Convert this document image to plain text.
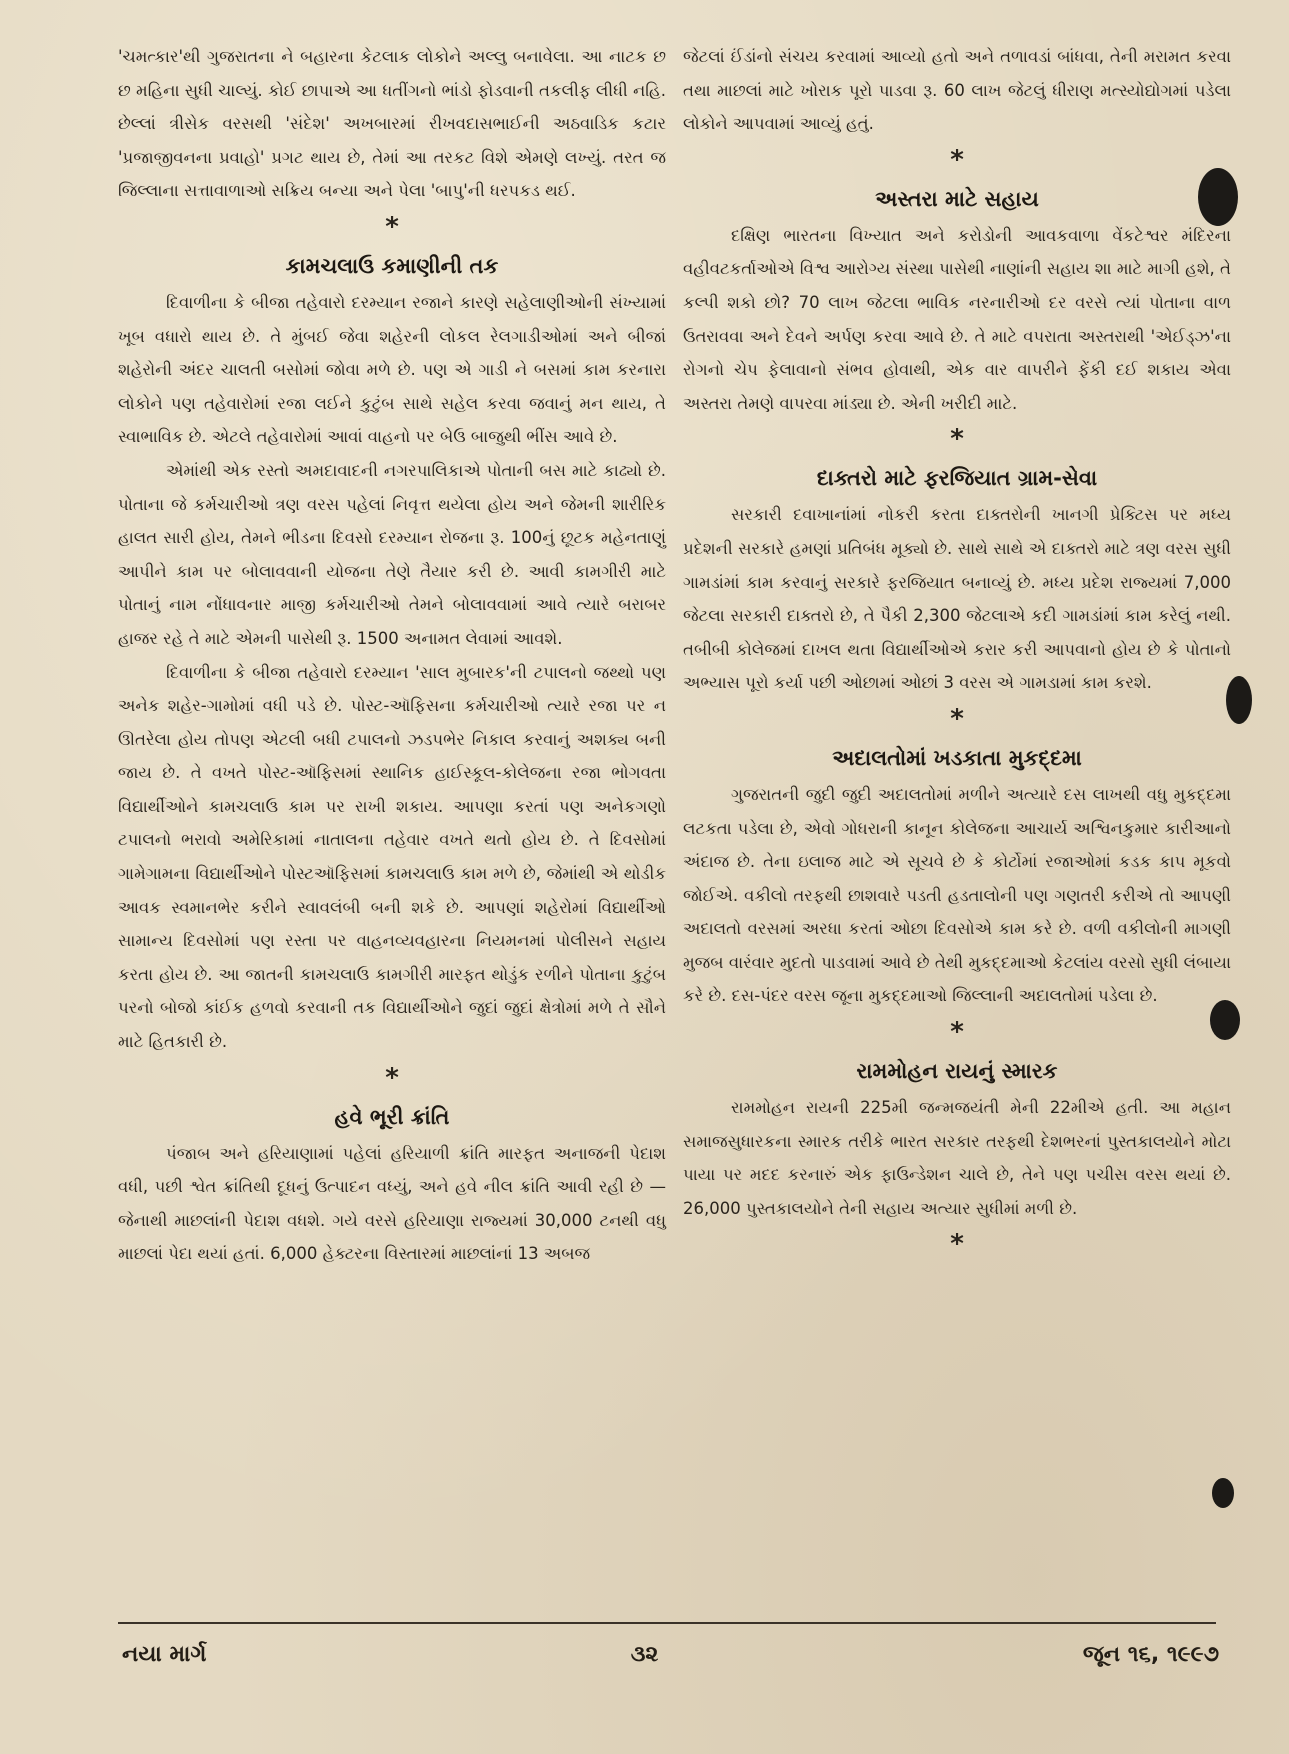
'ચમત્કાર'થી ગુજરાતના ને બહારના કેટલાક લોકોને અલ્લુ બનાવેલા. આ નાટક છ છ મહિના સુધી ચાલ્યું. કોઈ છાપાએ આ ધતીંગનો ભાંડો ફોડવાની તકલીફ લીધી નહિ. છેલ્લાં ત્રીસેક વરસથી 'સંદેશ' અખબારમાં રીખવદાસભાઈની અઠવાડિક કટાર 'પ્રજાજીવનના પ્રવાહો' પ્રગટ થાય છે, તેમાં આ તરકટ વિશે એમણે લખ્યું. તરત જ જિલ્લાના સત્તાવાળાઓ સક્રિય બન્યા અને પેલા 'બાપુ'ની ધરપકડ થઈ.

*
કામચલાઉ કમાણીની તક

દિવાળીના કે બીજા તહેવારો દરમ્યાન રજાને કારણે સહેલાણીઓની સંખ્યામાં ખૂબ વધારો થાય છે. તે મુંબઈ જેવા શહેરની લોકલ રેલગાડીઓમાં અને બીજાં શહેરોની અંદર ચાલતી બસોમાં જોવા મળે છે. પણ એ ગાડી ને બસમાં કામ કરનારા લોકોને પણ તહેવારોમાં રજા લઈને કુટુંબ સાથે સહેલ કરવા જવાનું મન થાય, તે સ્વાભાવિક છે. એટલે તહેવારોમાં આવાં વાહનો પર બેઉ બાજુથી ભીંસ આવે છે.

એમાંથી એક રસ્તો અમદાવાદની નગરપાલિકાએ પોતાની બસ માટે કાઢ્યો છે. પોતાના જે કર્મચારીઓ ત્રણ વરસ પહેલાં નિવૃત્ત થયેલા હોય અને જેમની શારીરિક હાલત સારી હોય, તેમને ભીડના દિવસો દરમ્યાન રોજના રૂ. 100નું છૂટક મહેનતાણું આપીને કામ પર બોલાવવાની યોજના તેણે તૈયાર કરી છે. આવી કામગીરી માટે પોતાનું નામ નોંધાવનાર માજી કર્મચારીઓ તેમને બોલાવવામાં આવે ત્યારે બરાબર હાજર રહે તે માટે એમની પાસેથી રૂ. 1500 અનામત લેવામાં આવશે.

દિવાળીના કે બીજા તહેવારો દરમ્યાન 'સાલ મુબારક'ની ટપાલનો જથ્થો પણ અનેક શહેર-ગામોમાં વધી પડે છે. પોસ્ટ-ઑફિસના કર્મચારીઓ ત્યારે રજા પર ન ઊતરેલા હોય તોપણ એટલી બધી ટપાલનો ઝડપભેર નિકાલ કરવાનું અશક્ય બની જાય છે. તે વખતે પોસ્ટ-ઑફિસમાં સ્થાનિક હાઈસ્કૂલ-કોલેજના રજા ભોગવતા વિદ્યાર્થીઓને કામચલાઉ કામ પર રાખી શકાય. આપણા કરતાં પણ અનેકગણો ટપાલનો ભરાવો અમેરિકામાં નાતાલના તહેવાર વખતે થતો હોય છે. તે દિવસોમાં ગામેગામના વિદ્યાર્થીઓને પોસ્ટઑફિસમાં કામચલાઉ કામ મળે છે, જેમાંથી એ થોડીક આવક સ્વમાનભેર કરીને સ્વાવલંબી બની શકે છે. આપણાં શહેરોમાં વિદ્યાર્થીઓ સામાન્ય દિવસોમાં પણ રસ્તા પર વાહનવ્યવહારના નિયમનમાં પોલીસને સહાય કરતા હોય છે. આ જાતની કામચલાઉ કામગીરી મારફત થોડુંક રળીને પોતાના કુટુંબ પરનો બોજો કાંઈક હળવો કરવાની તક વિદ્યાર્થીઓને જુદાં જુદાં ક્ષેત્રોમાં મળે તે સૌને માટે હિતકારી છે.

*
હવે ભૂરી ક્રાંતિ

પંજાબ અને હરિયાણામાં પહેલાં હરિયાળી ક્રાંતિ મારફત અનાજની પેદાશ વધી, પછી શ્વેત ક્રાંતિથી દૂધનું ઉત્પાદન વધ્યું, અને હવે નીલ ક્રાંતિ આવી રહી છે — જેનાથી માછલાંની પેદાશ વધશે. ગયે વરસે હરિયાણા રાજ્યમાં 30,000 ટનથી વધુ માછલાં પેદા થયાં હતાં. 6,000 હેક્ટરના વિસ્તારમાં માછલાંનાં 13 અબજ

જેટલાં ઈંડાંનો સંચય કરવામાં આવ્યો હતો અને તળાવડાં બાંધવા, તેની મરામત કરવા તથા માછલાં માટે ખોરાક પૂરો પાડવા રૂ. 60 લાખ જેટલું ધીરાણ મત્સ્યોદ્યોગમાં પડેલા લોકોને આપવામાં આવ્યું હતું.

*
અસ્તરા માટે સહાય

દક્ષિણ ભારતના વિખ્યાત અને કરોડોની આવકવાળા વેંકટેશ્વર મંદિરના વહીવટકર્તાઓએ વિશ્વ આરોગ્ય સંસ્થા પાસેથી નાણાંની સહાય શા માટે માગી હશે, તે કલ્પી શકો છો? 70 લાખ જેટલા ભાવિક નરનારીઓ દર વરસે ત્યાં પોતાના વાળ ઉતરાવવા અને દેવને અર્પણ કરવા આવે છે. તે માટે વપરાતા અસ્તરાથી 'એઈડ્ઝ'ના રોગનો ચેપ ફેલાવાનો સંભવ હોવાથી, એક વાર વાપરીને ફેંકી દઈ શકાય એવા અસ્તરા તેમણે વાપરવા માંડ્યા છે. એની ખરીદી માટે.

*
દાક્તરો માટે ફરજિયાત ગ્રામ-સેવા

સરકારી દવાખાનાંમાં નોકરી કરતા દાક્તરોની ખાનગી પ્રેક્ટિસ પર મધ્ય પ્રદેશની સરકારે હમણાં પ્રતિબંધ મૂક્યો છે. સાથે સાથે એ દાક્તરો માટે ત્રણ વરસ સુધી ગામડાંમાં કામ કરવાનું સરકારે ફરજિયાત બનાવ્યું છે. મધ્ય પ્રદેશ રાજ્યમાં 7,000 જેટલા સરકારી દાક્તરો છે, તે પૈકી 2,300 જેટલાએ કદી ગામડાંમાં કામ કરેલું નથી. તબીબી કોલેજમાં દાખલ થતા વિદ્યાર્થીઓએ કરાર કરી આપવાનો હોય છે કે પોતાનો અભ્યાસ પૂરો કર્યા પછી ઓછામાં ઓછાં 3 વરસ એ ગામડામાં કામ કરશે.

*
અદાલતોમાં ખડકાતા મુકદ્દમા

ગુજરાતની જુદી જુદી અદાલતોમાં મળીને અત્યારે દસ લાખથી વધુ મુકદ્દમા લટકતા પડેલા છે, એવો ગોધરાની કાનૂન કોલેજના આચાર્ય અશ્વિનકુમાર કારીઆનો અંદાજ છે. તેના ઇલાજ માટે એ સૂચવે છે કે કોર્ટોમાં રજાઓમાં કડક કાપ મૂકવો જોઈએ. વકીલો તરફથી છાશવારે પડતી હડતાલોની પણ ગણતરી કરીએ તો આપણી અદાલતો વરસમાં અરધા કરતાં ઓછા દિવસોએ કામ કરે છે. વળી વકીલોની માગણી મુજબ વારંવાર મુદતો પાડવામાં આવે છે તેથી મુકદ્દમાઓ કેટલાંય વરસો સુધી લંબાયા કરે છે. દસ-પંદર વરસ જૂના મુકદ્દમાઓ જિલ્લાની અદાલતોમાં પડેલા છે.

*
રામમોહન રાયનું સ્મારક

રામમોહન રાયની 225મી જન્મજયંતી મેની 22મીએ હતી. આ મહાન સમાજસુધારકના સ્મારક તરીકે ભારત સરકાર તરફથી દેશભરનાં પુસ્તકાલયોને મોટા પાયા પર મદદ કરનારું એક ફાઉન્ડેશન ચાલે છે, તેને પણ પચીસ વરસ થયાં છે. 26,000 પુસ્તકાલયોને તેની સહાય અત્યાર સુધીમાં મળી છે.

*
નયા માર્ગ	૩૨	જૂન ૧૬, ૧૯૯૭
